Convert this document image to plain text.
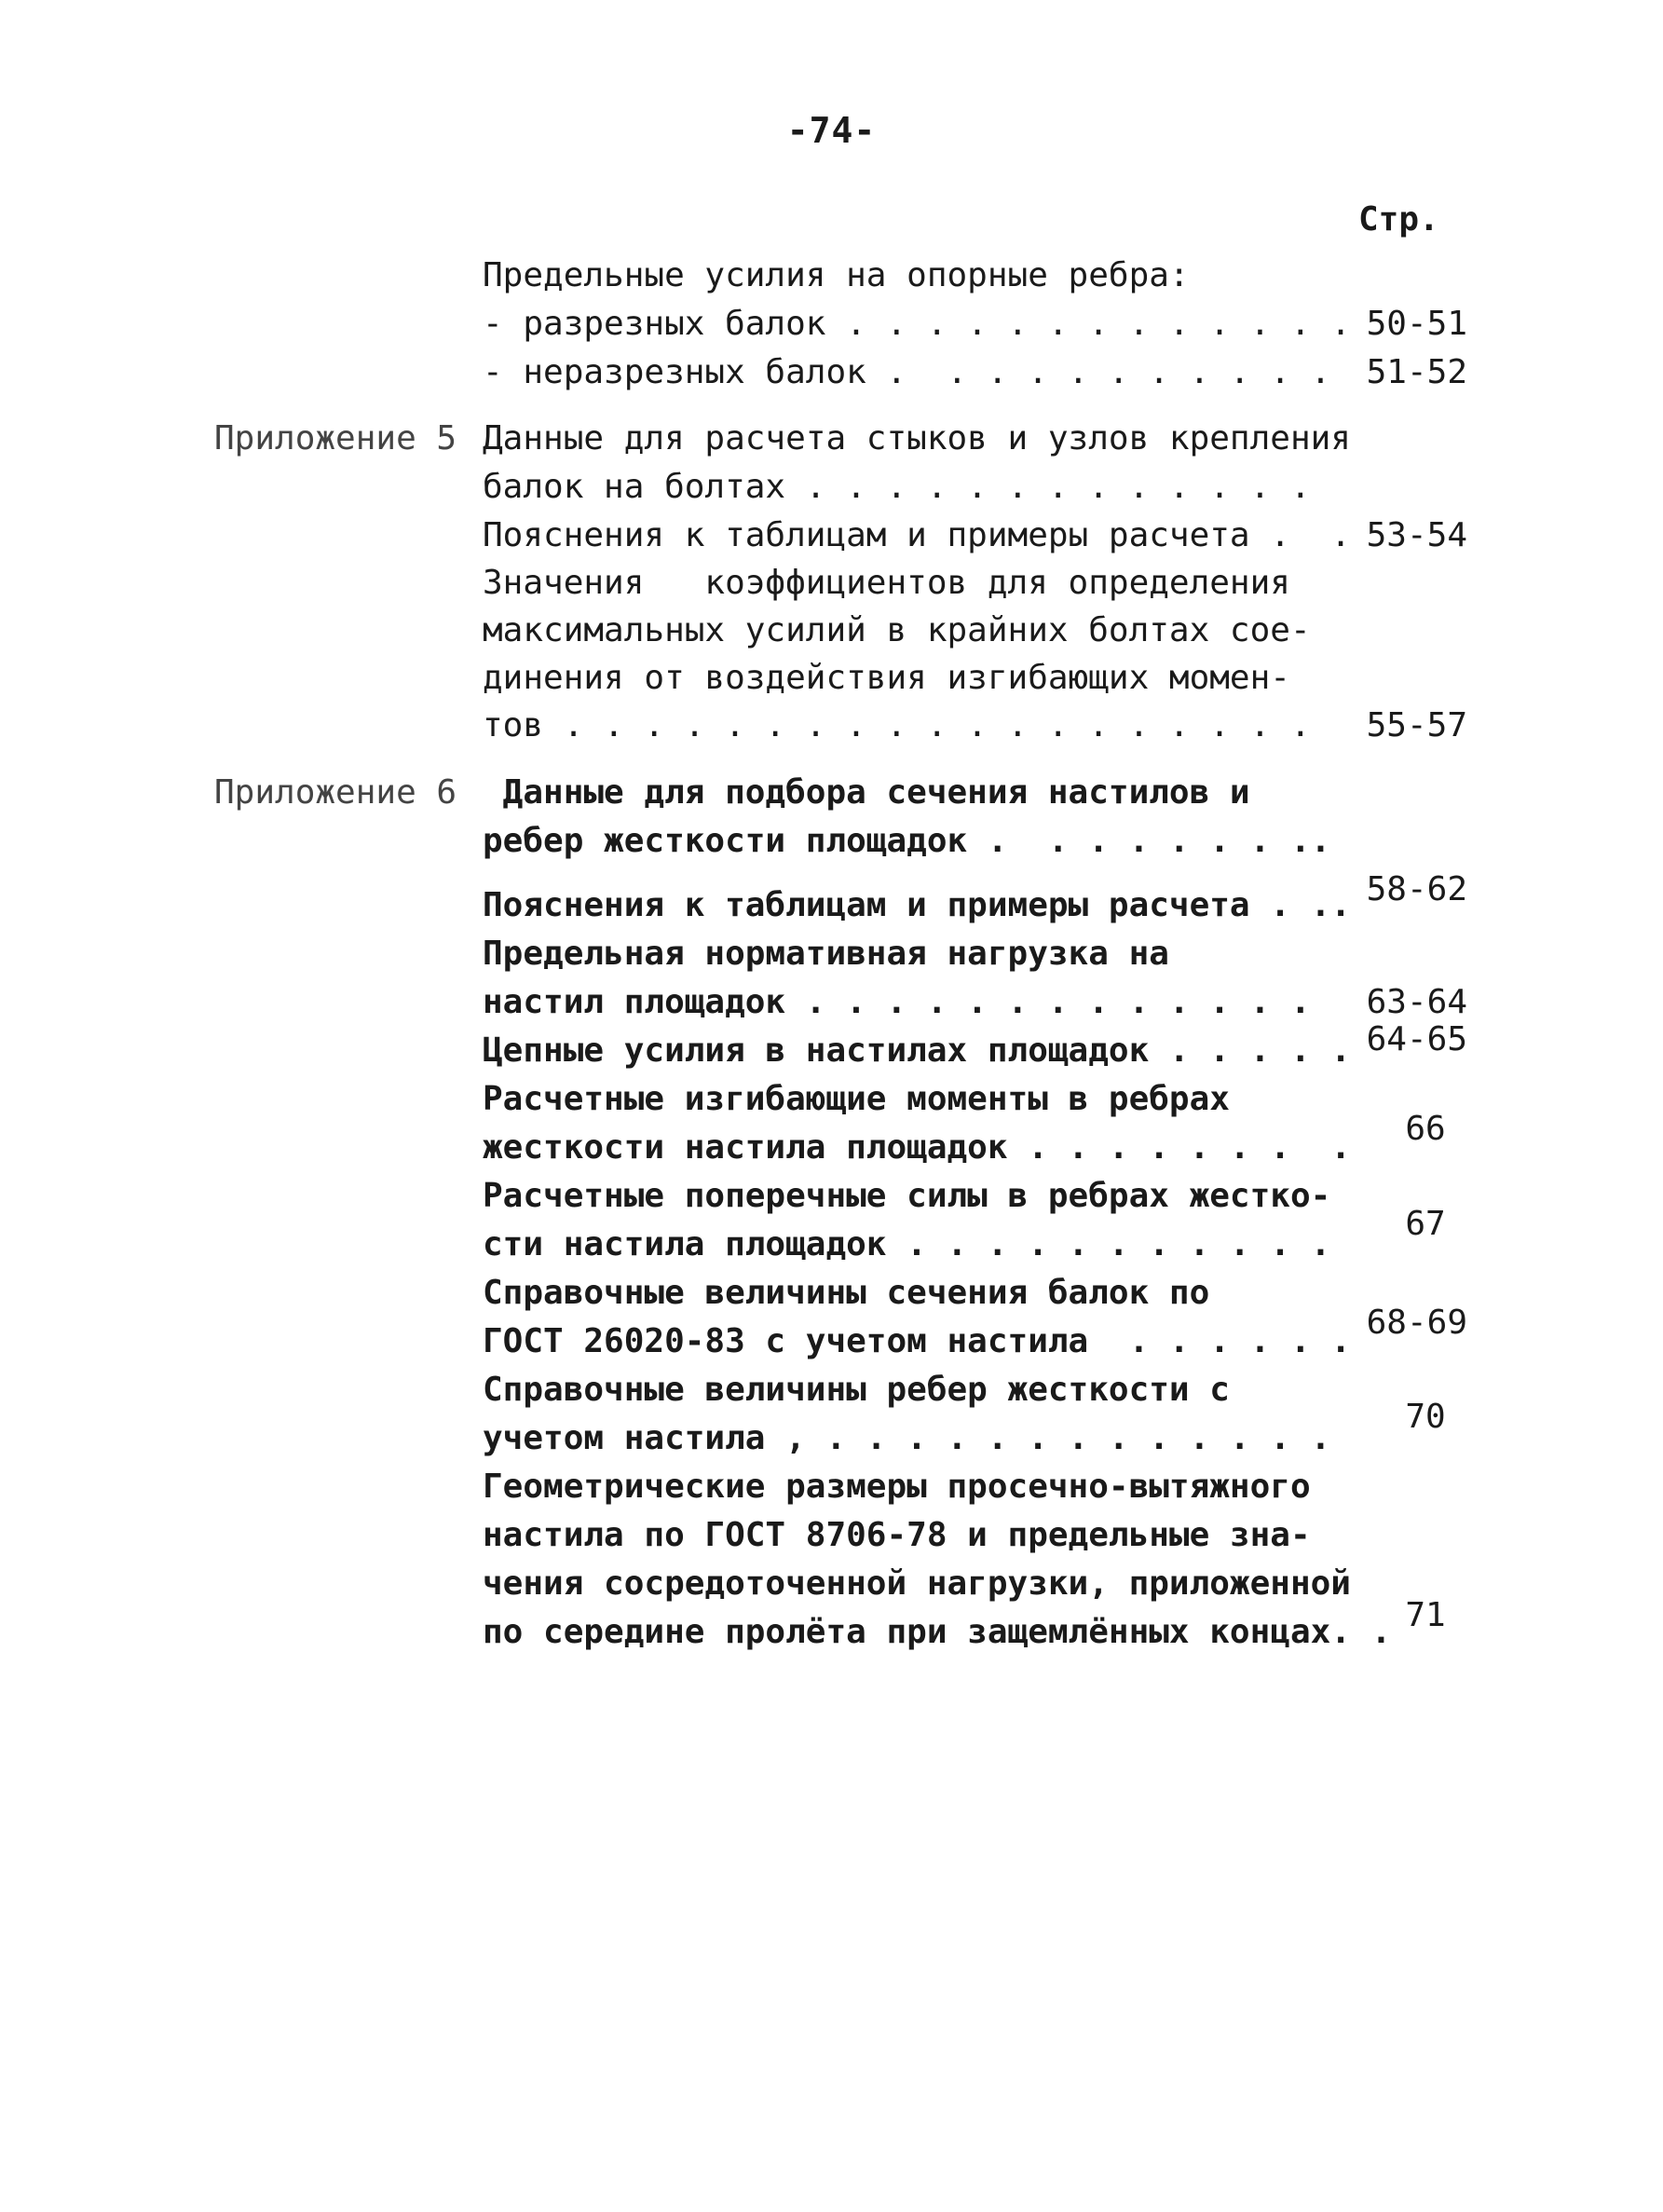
-74-
Стр.
Приложение 5
Приложение 6
Предельные усилия на опорные ребра:
- разрезных балок . . . . . . . . . . . . .
- неразрезных балок .  . . . . . . . . . .
Данные для расчета стыков и узлов крепления
балок на болтах . . . . . . . . . . . . .
Пояснения к таблицам и примеры расчета .  .
Значения   коэффициентов для определения
максимальных усилий в крайних болтах сое-
динения от воздействия изгибающих момен-
тов . . . . . . . . . . . . . . . . . . .
Данные для подбора сечения настилов и
ребер жесткости площадок .  . . . . . . ..
Пояснения к таблицам и примеры расчета . ..
Предельная нормативная нагрузка на
настил площадок . . . . . . . . . . . . .
Цепные усилия в настилах площадок . . . . .
Расчетные изгибающие моменты в ребрах
жесткости настила площадок . . . . . . .  .
Расчетные поперечные силы в ребрах жестко-
сти настила площадок . . . . . . . . . . .
Справочные величины сечения балок по
ГОСТ 26020-83 с учетом настила  . . . . . .
Справочные величины ребер жесткости с
учетом настила , . . . . . . . . . . . . .
Геометрические размеры просечно-вытяжного
настила по ГОСТ 8706-78 и предельные зна-
чения сосредоточенной нагрузки, приложенной
по середине пролёта при защемлённых концах. .
50-51
51-52
53-54
55-57
58-62
63-64
64-65
66
67
68-69
70
71
